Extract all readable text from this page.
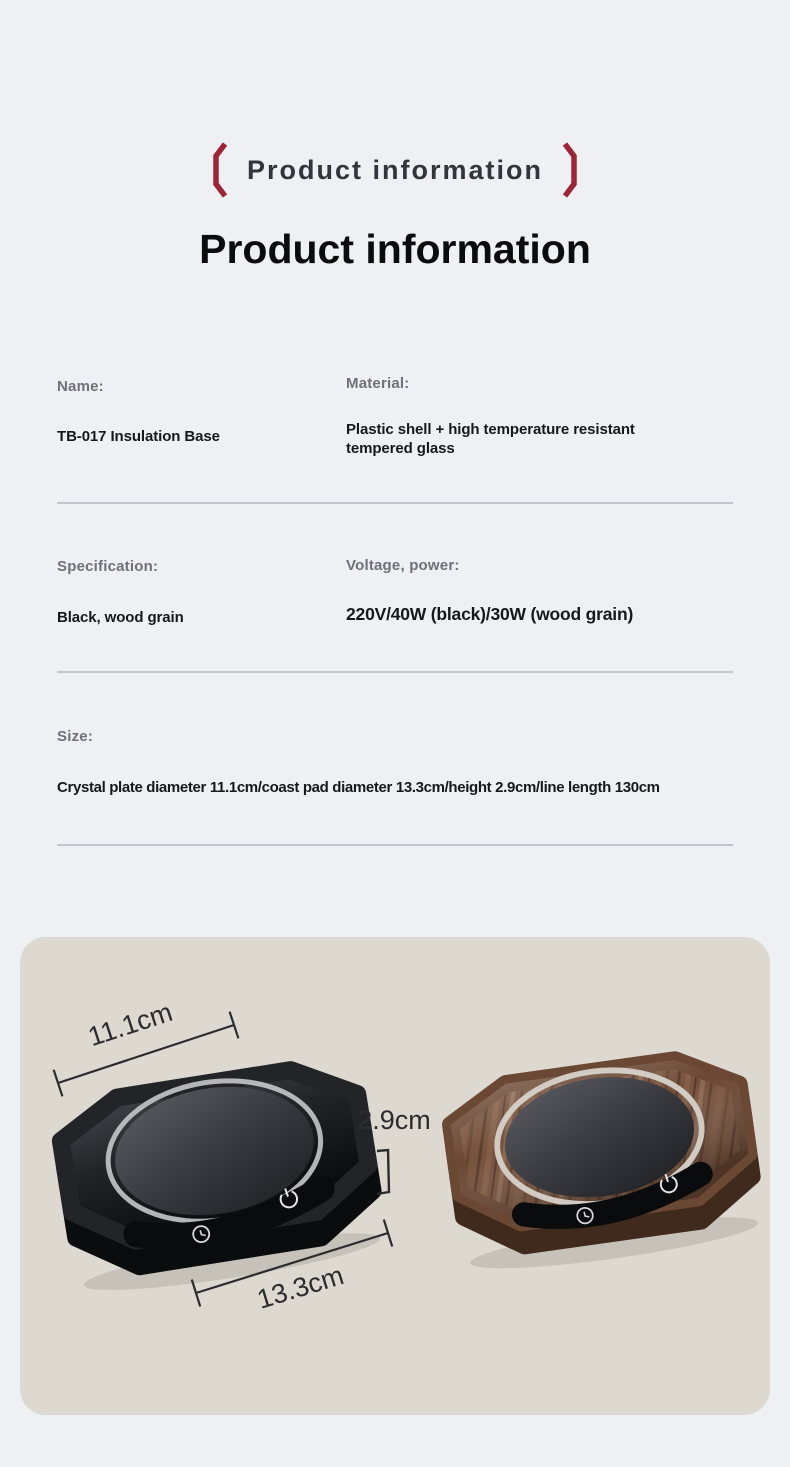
Product information
Product information
Name:
TB-017 Insulation Base
Material:
Plastic shell + high temperature resistant tempered glass
Specification:
Black, wood grain
Voltage, power:
220V/40W (black)/30W (wood grain)
Size:
Crystal plate diameter 11.1cm/coast pad diameter 13.3cm/height 2.9cm/line length 130cm
11.1cm
2.9cm
13.3cm
